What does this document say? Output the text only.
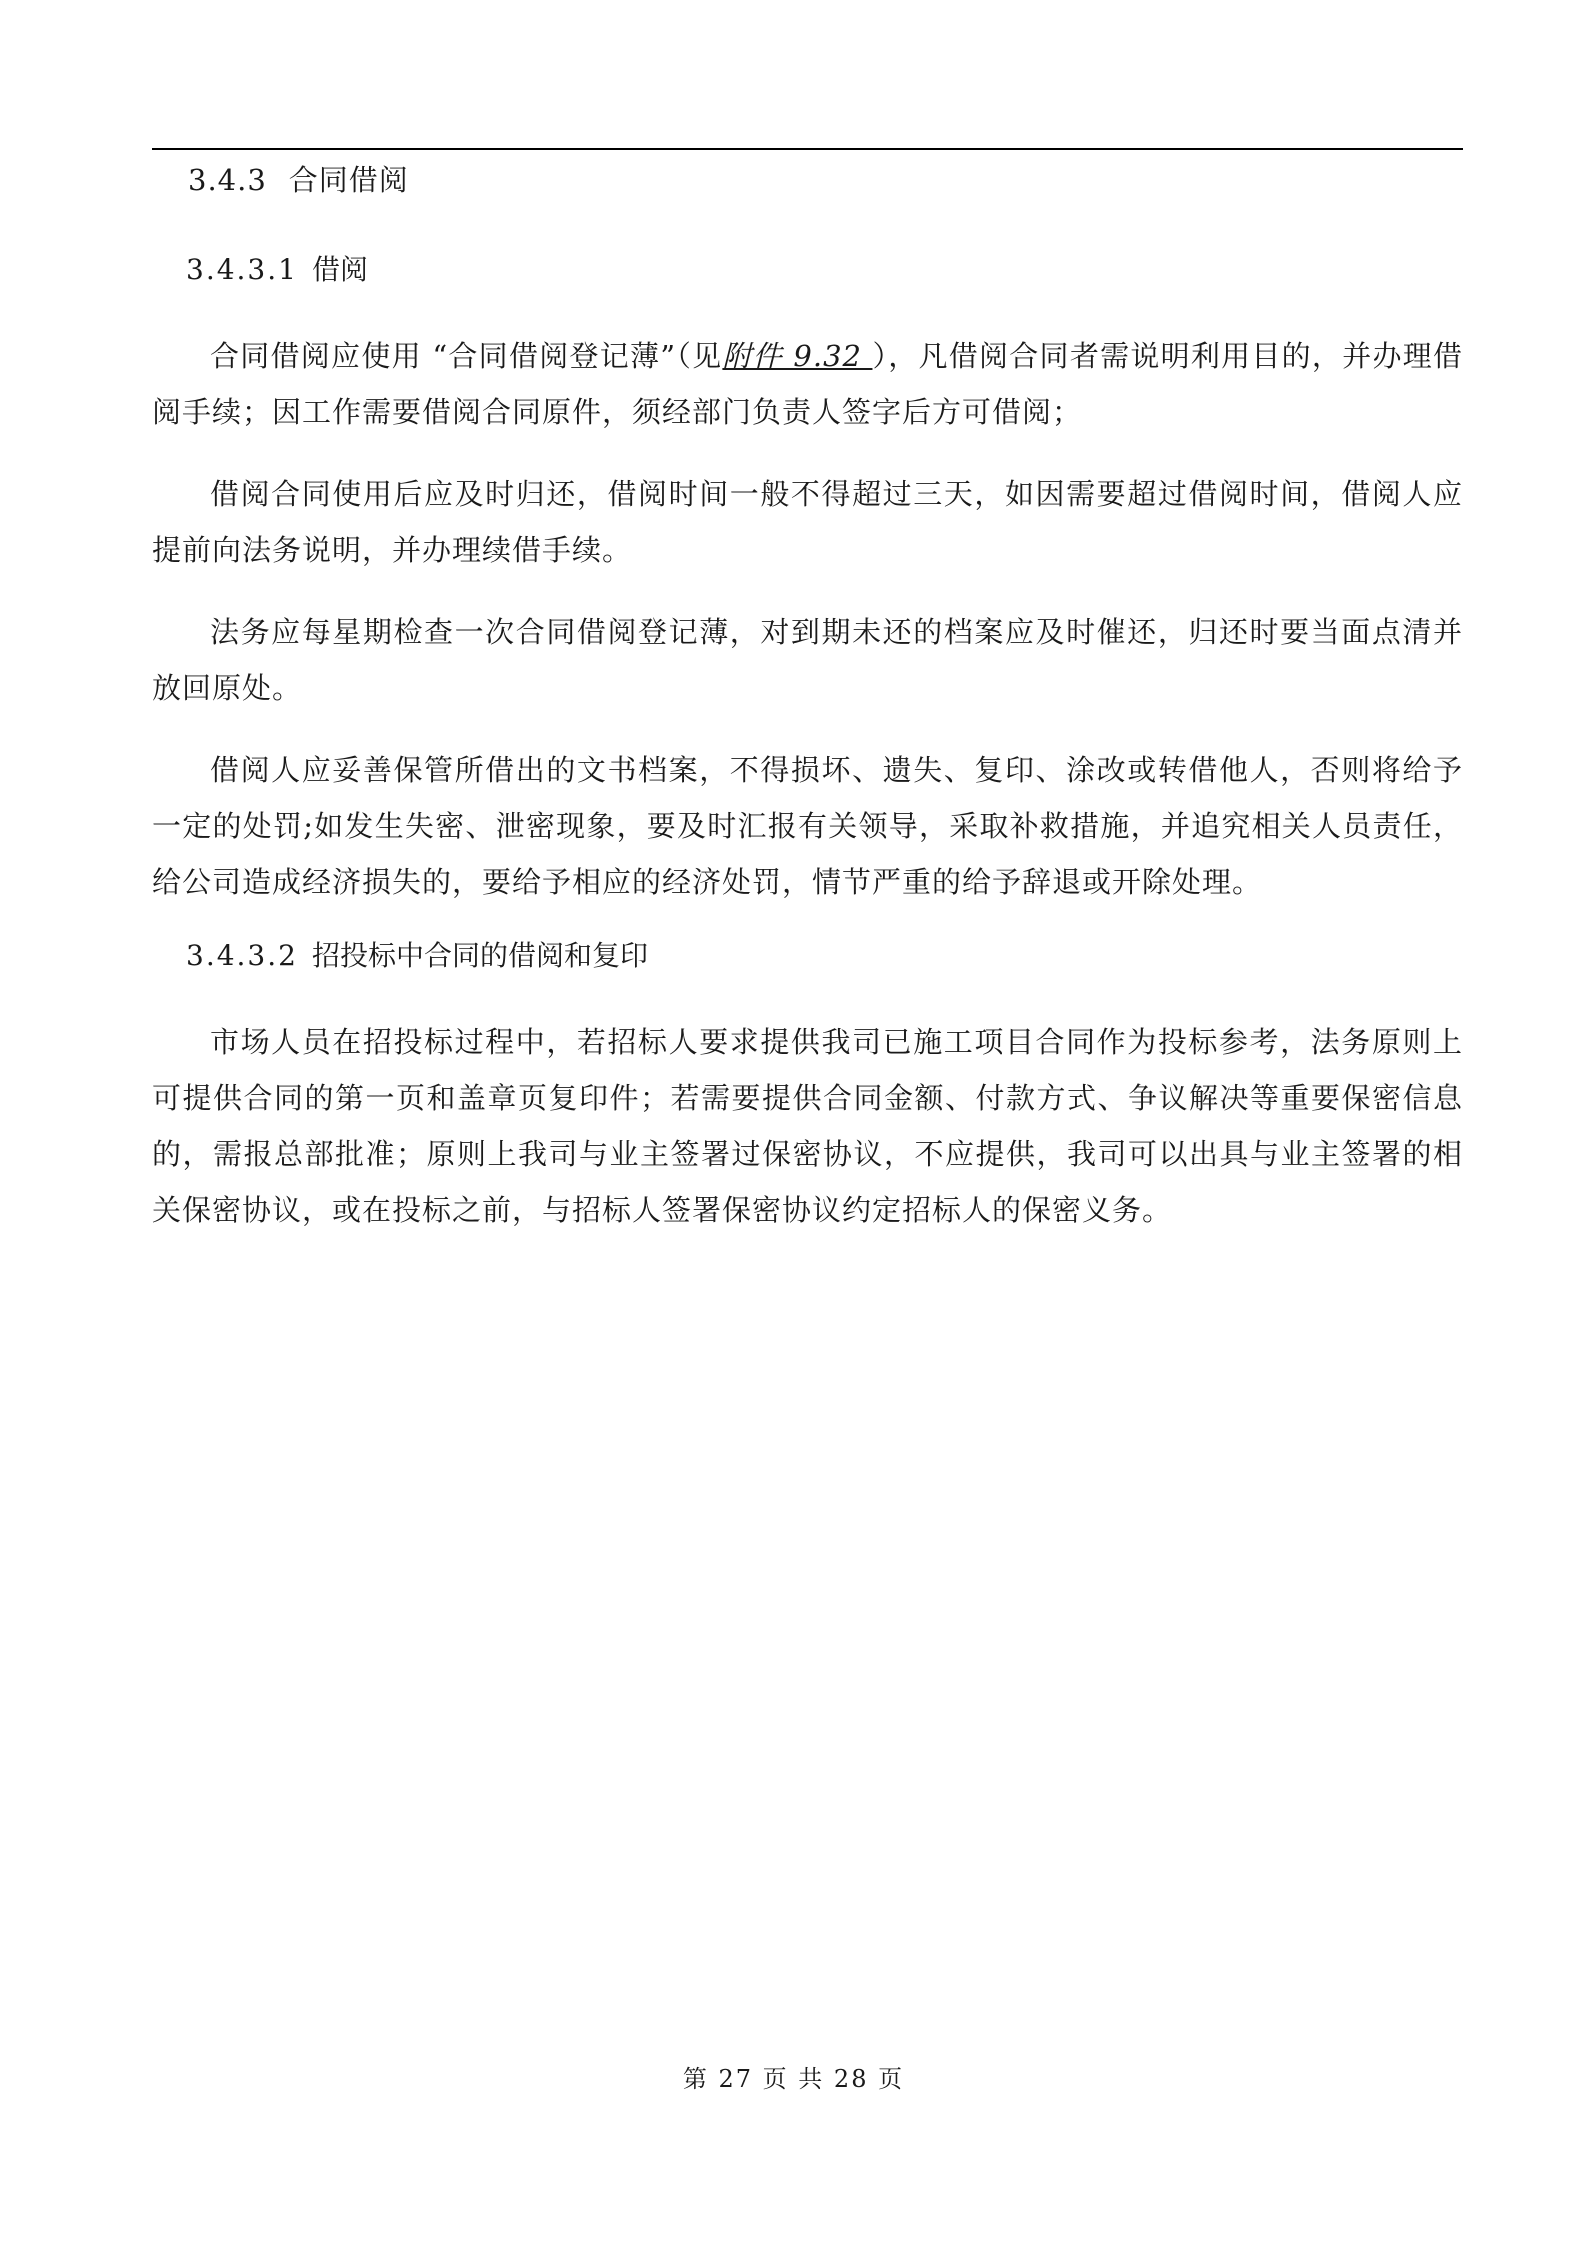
3.4.3 合同借阅
3.4.3.1 借阅

合同借阅应使用 “合同借阅登记薄”（见附件 9.32 ），凡借阅合同者需说明利用目的，并办理借阅手续；因工作需要借阅合同原件，须经部门负责人签字后方可借阅；

借阅合同使用后应及时归还，借阅时间一般不得超过三天，如因需要超过借阅时间，借阅人应提前向法务说明，并办理续借手续。

法务应每星期检查一次合同借阅登记薄，对到期未还的档案应及时催还，归还时要当面点清并放回原处。

借阅人应妥善保管所借出的文书档案，不得损坏、遗失、复印、涂改或转借他人，否则将给予一定的处罚;如发生失密、泄密现象，要及时汇报有关领导，采取补救措施，并追究相关人员责任，给公司造成经济损失的，要给予相应的经济处罚，情节严重的给予辞退或开除处理。

3.4.3.2 招投标中合同的借阅和复印

市场人员在招投标过程中，若招标人要求提供我司已施工项目合同作为投标参考，法务原则上可提供合同的第一页和盖章页复印件；若需要提供合同金额、付款方式、争议解决等重要保密信息的，需报总部批准；原则上我司与业主签署过保密协议，不应提供，我司可以出具与业主签署的相关保密协议，或在投标之前，与招标人签署保密协议约定招标人的保密义务。

第 27 页 共 28 页
